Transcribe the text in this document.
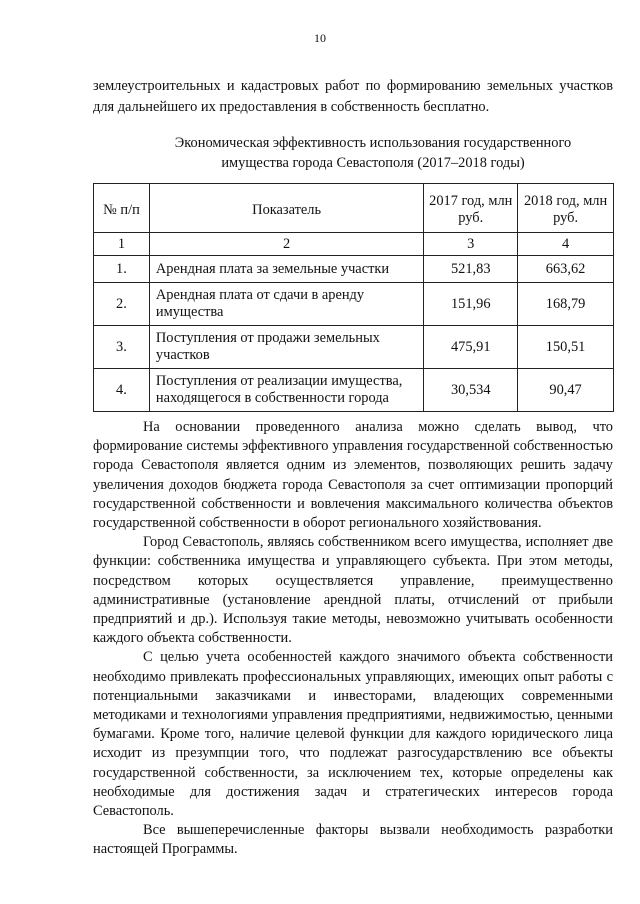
10

землеустроительных и кадастровых работ по формированию земельных участков для дальнейшего их предоставления в собственность бесплатно.

Экономическая эффективность использования государственного
имущества города Севастополя (2017–2018 годы)
№ п/п	Показатель	2017 год, млн руб.	2018 год, млн руб.
1	2	3	4
1.	Арендная плата за земельные участки	521,83	663,62
2.	Арендная плата от сдачи в аренду имущества	151,96	168,79
3.	Поступления от продажи земельных участков	475,91	150,51
4.	Поступления от реализации имущества, находящегося в собственности города	30,534	90,47

На основании проведенного анализа можно сделать вывод, что формирование системы эффективного управления государственной собственностью города Севастополя является одним из элементов, позволяющих решить задачу увеличения доходов бюджета города Севастополя за счет оптимизации пропорций государственной собственности и вовлечения максимального количества объектов государственной собственности в оборот регионального хозяйствования.

Город Севастополь, являясь собственником всего имущества, исполняет две функции: собственника имущества и управляющего субъекта. При этом методы, посредством которых осуществляется управление, преимущественно административные (установление арендной платы, отчислений от прибыли предприятий и др.). Используя такие методы, невозможно учитывать особенности каждого объекта собственности.

С целью учета особенностей каждого значимого объекта собственности необходимо привлекать профессиональных управляющих, имеющих опыт работы с потенциальными заказчиками и инвесторами, владеющих современными методиками и технологиями управления предприятиями, недвижимостью, ценными бумагами. Кроме того, наличие целевой функции для каждого юридического лица исходит из презумпции того, что подлежат разгосударствлению все объекты государственной собственности, за исключением тех, которые определены как необходимые для достижения задач и стратегических интересов города Севастополь.

Все вышеперечисленные факторы вызвали необходимость разработки настоящей Программы.
